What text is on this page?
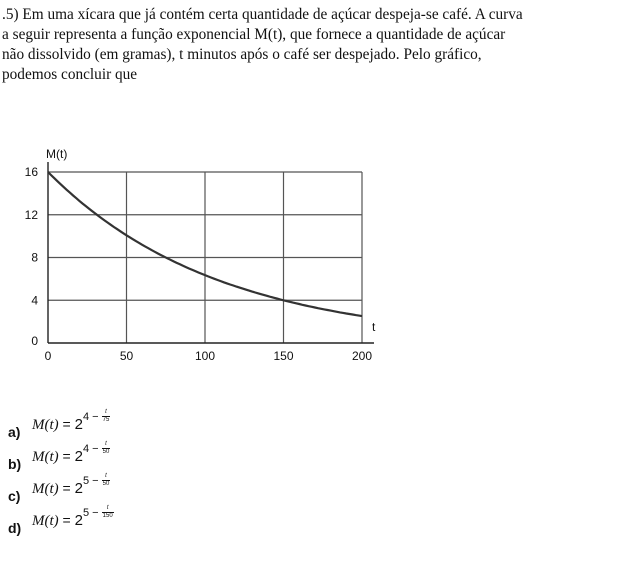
.5) Em uma xícara que já contém certa quantidade de açúcar despeja-se café. A curva

a seguir representa a função exponencial M(t), que fornece a quantidade de açúcar

não dissolvido (em gramas), t minutos após o café ser despejado. Pelo gráfico,

podemos concluir que

0	50	100	150	200
0
4
8
12
16
M(t)
t
a) $M(t) = 2^{4 - \frac{t}{75}}$
b) $M(t) = 2^{4 - \frac{t}{50}}$
c) $M(t) = 2^{5 - \frac{t}{50}}$
d) $M(t) = 2^{5 - \frac{t}{150}}$
